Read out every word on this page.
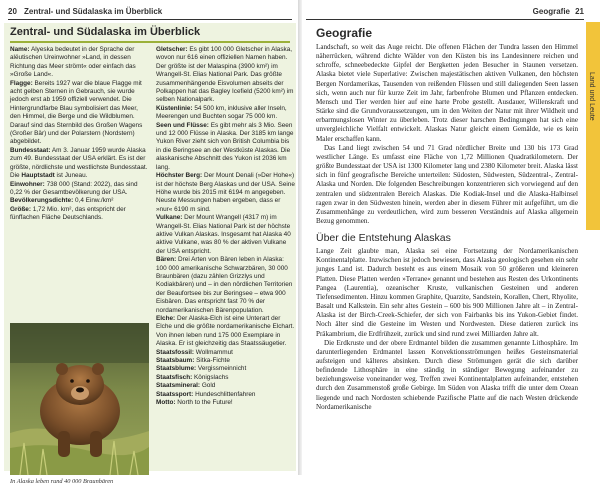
20 Zentral- und Südalaska im Überblick
Zentral- und Südalaska im Überblick

Name: Alyeska bedeutet in der Sprache der alëutischen Ureinwohner »Land, in dessen Richtung das Meer strömt« oder einfach das »Große Land«.

Flagge: Bereits 1927 war die blaue Flagge mit acht gelben Sternen in Gebrauch, sie wurde jedoch erst ab 1959 offiziell verwendet. Die Hintergrundfarbe Blau symbolisiert das Meer, den Himmel, die Berge und die Wildblumen. Darauf sind das Sternbild des Großen Wagens (Großer Bär) und der Polarstern (Nordstern) abgebildet.

Bundesstaat: Am 3. Januar 1959 wurde Alaska zum 49. Bundesstaat der USA erklärt. Es ist der größte, nördlichste und westlichste Bundesstaat. Die Hauptstadt ist Juneau.

Einwohner: 738 000 (Stand: 2022), das sind 0,22 % der Gesamtbevölkerung der USA.

Bevölkerungsdichte: 0,4 Einw./km²

Größe: 1,72 Mio. km², das entspricht der fünffachen Fläche Deutschlands.

Gletscher: Es gibt 100 000 Gletscher in Alaska, wovon nur 616 einen offiziellen Namen haben. Der größte ist der Malaspina (3900 km²) im Wrangell-St. Elias National Park. Das größte zusammenhängende Eisvolumen abseits der Polkappen hat das Bagley Icefield (5200 km²) im selben Nationalpark.

Küstenlinie: 54 500 km, inklusive aller Inseln, Meerengen und Buchten sogar 75 000 km.

Seen und Flüsse: Es gibt mehr als 3 Mio. Seen und 12 000 Flüsse in Alaska. Der 3185 km lange Yukon River zieht sich von British Columbia bis in die Beringsee an der Westküste Alaskas. Die alaskanische Abschnitt des Yukon ist 2036 km lang.

Höchster Berg: Der Mount Denali (»Der Hohe«) ist der höchste Berg Alaskas und der USA. Seine Höhe wurde bis 2015 mit 6194 m angegeben. Neuste Messungen haben ergeben, dass er »nur« 6190 m sind.

Vulkane: Der Mount Wrangell (4317 m) im Wrangell-St. Elias National Park ist der höchste aktive Vulkan Alaskas. Insgesamt hat Alaska 40 aktive Vulkane, was 80 % der aktiven Vulkane der USA entspricht.

Bären: Drei Arten von Bären leben in Alaska: 100 000 amerikanische Schwarzbären, 30 000 Braunbären (dazu zählen Grizzlys und Kodiakbären) und – in den nördlichen Territorien der Beaufortsee bis zur Beringsee – etwa 900 Eisbären. Das entspricht fast 70 % der nordamerikanischen Bärenpopulation.

Elche: Der Alaska-Elch ist eine Unterart der Elche und die größte nordamerikanische Elchart. Von ihnen leben rund 175 000 Exemplare in Alaska. Er ist gleichzeitig das Staatssäugetier.

Staatsfossil: Wollmammut

Staatsbaum: Sitka-Fichte

Staatsblume: Vergissmeinnicht

Staatsfisch: Königslachs

Staatsmineral: Gold

Staatssport: Hundeschlittenfahren

Motto: North to the Future!

In Alaska leben rund 40 000 Braunbären
Geografie 21
Land und Leute
Geografie

Landschaft, so weit das Auge reicht. Die offenen Flächen der Tundra lassen den Himmel näherrücken, während dichte Wälder von den Küsten bis ins Landesinnere reichen und schroffe, schneebedeckte Gipfel der Bergketten jeden Besucher in Staunen versetzen. Alaska bietet viele Superlative: Zwischen majestätischen aktiven Vulkanen, den höchsten Bergen Nordamerikas, Tausenden von reißenden Flüssen und still daliegenden Seen lassen sich, wenn auch nur für kurze Zeit im Jahr, farbenfrohe Blumen und Pflanzen entdecken. Mensch und Tier werden hier auf eine harte Probe gestellt. Ausdauer, Willenskraft und Stärke sind die Grundvoraussetzungen, um in den Weiten der Natur mit ihrer Wildheit und erbarmungslosen Winter zu überleben. Trotz dieser harschen Bedingungen hat sich eine unvergleichliche Vielfalt entwickelt. Alaskas Natur gleicht einem Gemälde, wie es kein Maler erschaffen kann.

Das Land liegt zwischen 54 und 71 Grad nördlicher Breite und 130 bis 173 Grad westlicher Länge. Es umfasst eine Fläche von 1,72 Millionen Quadratkilometern. Der größte Bundesstaat der USA ist 1300 Kilometer lang und 2380 Kilometer breit. Alaska lässt sich in fünf geografische Bereiche unterteilen: Südosten, Südwesten, Südzentral-, Zentral-Alaska und Norden. Die folgenden Beschreibungen konzentrieren sich vorwiegend auf den zentralen und südzentralen Bereich Alaskas. Die Kodiak-Insel und die Alaska-Halbinsel ragen zwar in den Südwesten hinein, werden aber in diesem Führer mit aufgeführt, um die Zusammenhänge zu verdeutlichen, wird zum besseren Verständnis auf Alaska allgemein Bezug genommen.

Über die Entstehung Alaskas

Lange Zeit glaubte man, Alaska sei eine Fortsetzung der Nordamerikanischen Kontinentalplatte. Inzwischen ist jedoch bewiesen, dass Alaska geologisch gesehen ein sehr junges Land ist. Dadurch besteht es aus einem Mosaik von 50 größeren und kleineren Platten. Diese Platten werden »Terrane« genannt und bestehen aus Resten des Urkontinents Pangea (Laurentia), ozeanischer Kruste, vulkanischen Gesteinen und anderen Tiefensedimenten. Hinzu kommen Graphite, Quarzite, Sandstein, Korallen, Chert, Rhyolite, Basalt und Kalkstein. Ein sehr altes Gestein – 600 bis 900 Millionen Jahre alt – in Zentral-Alaska ist der Birch-Creek-Schiefer, der sich von Fairbanks bis ins Yukon-Gebiet findet. Noch älter sind die Gesteine im Westen und Nordwesten. Diese datieren zurück ins Präkambrium, die Erdfrühzeit, zurück und sind rund zwei Milliarden Jahre alt.

Die Erdkruste und der obere Erdmantel bilden die zusammen genannte Lithosphäre. Im darunterliegenden Erdmantel lassen Konvektionsströmungen heißes Gesteinsmaterial aufsteigen und kälteres absinken. Durch diese Strömungen gerät die sich darüber befindende Lithosphäre in eine ständig in ständiger Bewegung aufeinander zu beziehungsweise voneinander weg. Treffen zwei Kontinentalplatten aufeinander, entstehen durch den Zusammenstoß große Gebirge. Im Süden von Alaska trifft die unter dem Ozean liegende und nach Nordosten schiebende Pazifische Platte auf die nach Westen drückende Nordamerikanische
